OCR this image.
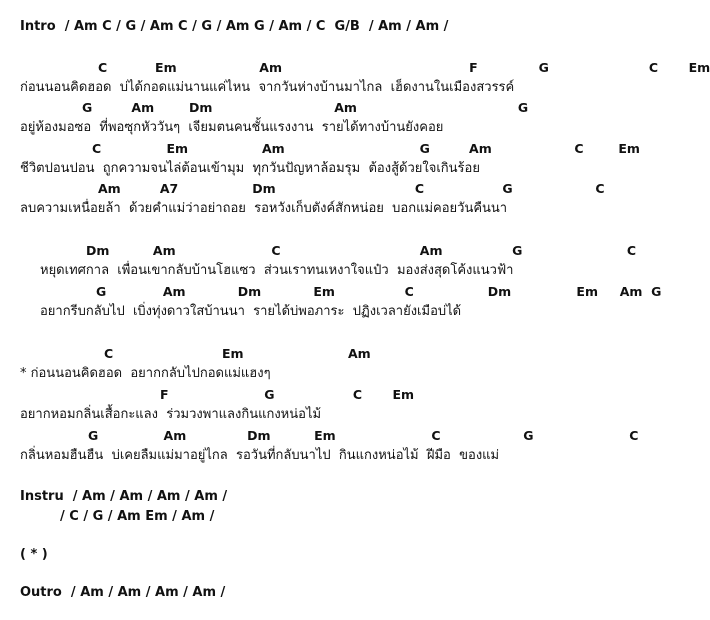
Intro  / Am C / G / Am C / G / Am G / Am / C  G/B  / Am / Am /
C           Em                   Am                                           F              G                       C       Em
ก่อนนอนคิดฮอด  บ่ได้กอดแม่นานแค่ไหน  จากวันห่างบ้านมาไกล  เฮ็ดงานในเมืองสวรรค์
G         Am        Dm                            Am                                     G
อยู่ห้องมอซอ  ที่พอซุกหัววันๆ  เจียมตนคนชั้นแรงงาน  รายได้ทางบ้านยังคอย
C               Em                 Am                               G         Am                   C        Em
ชีวิตปอนปอน  ถูกความจนไล่ต้อนเข้ามุม  ทุกวันปัญหาล้อมรุม  ต้องสู้ด้วยใจเกินร้อย
Am         A7                 Dm                                C                  G                   C
ลบความเหนื่อยล้า  ด้วยคำแม่ว่าอย่าถอย  รอหวังเก็บตังค์สักหน่อย  บอกแม่คอยวันคืนนา
Dm          Am                      C                                Am                G                        C
หยุดเทศกาล  เพื่อนเขากลับบ้านโฮแซว  ส่วนเราทนเหงาใจแป๋ว  มองส่งสุดโค้งแนวฟ้า
G             Am            Dm            Em                C                 Dm               Em     Am  G
อยากรีบกลับไป  เบิ่งทุ่งดาวใสบ้านนา  รายได้บ่พอภาระ  ปฏิงเวลายังเมือบ่ได้
C                         Em                        Am
* ก่อนนอนคิดฮอด  อยากกลับไปกอดแม่แฮงๆ
F                      G                  C       Em
อยากหอมกลิ่นเสื้อกะแลง  ร่วมวงพาแลงกินแกงหน่อไม้
G               Am              Dm          Em                      C                   G                      C
กลิ่นหอมฮืนฮืน  บ่เคยลืมแม่มาอยู่ไกล  รอวันที่กลับนาไป  กินแกงหน่อไม้  ฝีมือ  ของแม่
Instru  / Am / Am / Am / Am /
/ C / G / Am Em / Am /
( * )
Outro  / Am / Am / Am / Am /
